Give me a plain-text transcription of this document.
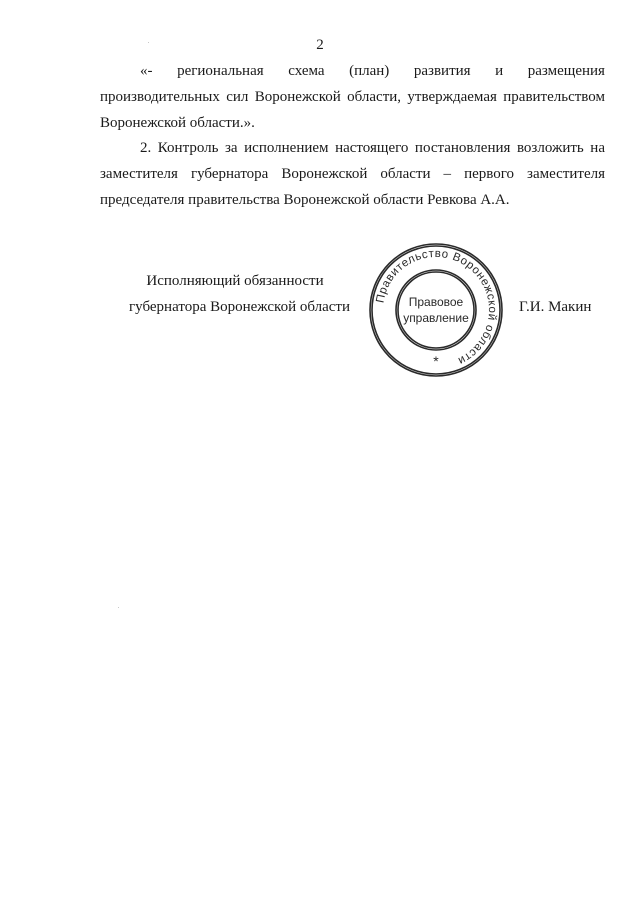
2
«- региональная схема (план) развития и размещения
производительных сил Воронежской области, утверждаемая правительством
Воронежской области.».
2. Контроль за исполнением настоящего постановления возложить на
заместителя губернатора Воронежской области – первого заместителя
председателя правительства Воронежской области Ревкова А.А.
Исполняющий обязанности
губернатора Воронежской области
Правительство Воронежской области
Правовое
управление
*
Г.И. Макин
